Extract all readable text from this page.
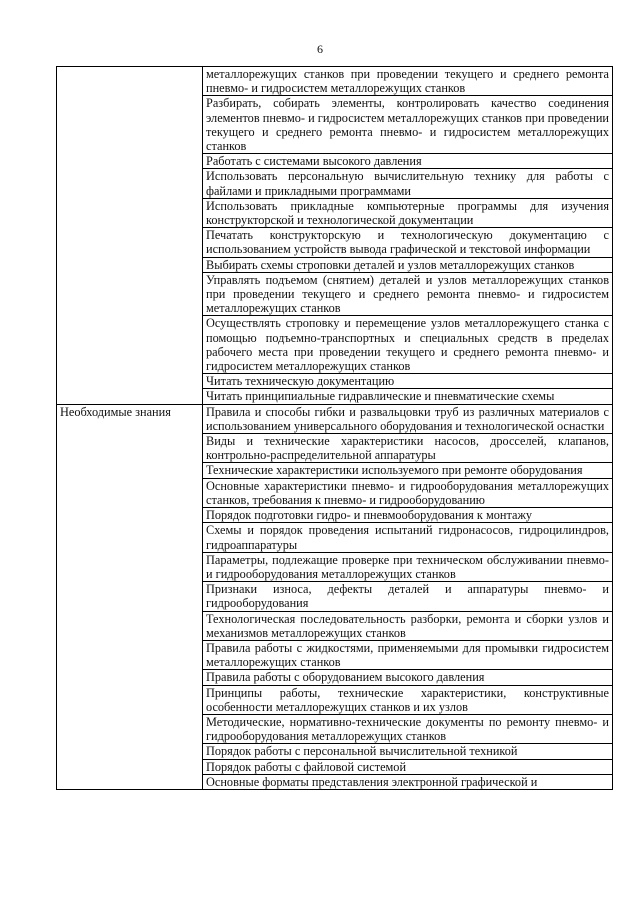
6
	металлорежущих станков при проведении текущего и среднего ремонта пневмо- и гидросистем металлорежущих станков
	Разбирать, собирать элементы, контролировать качество соединения элементов пневмо- и гидросистем металлорежущих станков при проведении текущего и среднего ремонта пневмо- и гидросистем металлорежущих станков
	Работать с системами высокого давления
	Использовать персональную вычислительную технику для работы с файлами и прикладными программами
	Использовать прикладные компьютерные программы для изучения конструкторской и технологической документации
	Печатать конструкторскую и технологическую документацию с использованием устройств вывода графической и текстовой информации
	Выбирать схемы строповки деталей и узлов металлорежущих станков
	Управлять подъемом (снятием) деталей и узлов металлорежущих станков при проведении текущего и среднего ремонта пневмо- и гидросистем металлорежущих станков
	Осуществлять строповку и перемещение узлов металлорежущего станка с помощью подъемно-транспортных и специальных средств в пределах рабочего места при проведении текущего и среднего ремонта пневмо- и гидросистем металлорежущих станков
	Читать техническую документацию
	Читать принципиальные гидравлические и пневматические схемы
Необходимые знания	Правила и способы гибки и развальцовки труб из различных материалов с использованием универсального оборудования и технологической оснастки
	Виды и технические характеристики насосов, дросселей, клапанов, контрольно-распределительной аппаратуры
	Технические характеристики используемого при ремонте оборудования
	Основные характеристики пневмо- и гидрооборудования металлорежущих станков, требования к пневмо- и гидрооборудованию
	Порядок подготовки гидро- и пневмооборудования к монтажу
	Схемы и порядок проведения испытаний гидронасосов, гидроцилиндров, гидроаппаратуры
	Параметры, подлежащие проверке при техническом обслуживании пневмо- и гидрооборудования металлорежущих станков
	Признаки износа, дефекты деталей и аппаратуры пневмо- и гидрооборудования
	Технологическая последовательность разборки, ремонта и сборки узлов и механизмов металлорежущих станков
	Правила работы с жидкостями, применяемыми для промывки гидросистем металлорежущих станков
	Правила работы с оборудованием высокого давления
	Принципы работы, технические характеристики, конструктивные особенности металлорежущих станков и их узлов
	Методические, нормативно-технические документы по ремонту пневмо- и гидрооборудования металлорежущих станков
	Порядок работы с персональной вычислительной техникой
	Порядок работы с файловой системой
	Основные форматы представления электронной графической и
